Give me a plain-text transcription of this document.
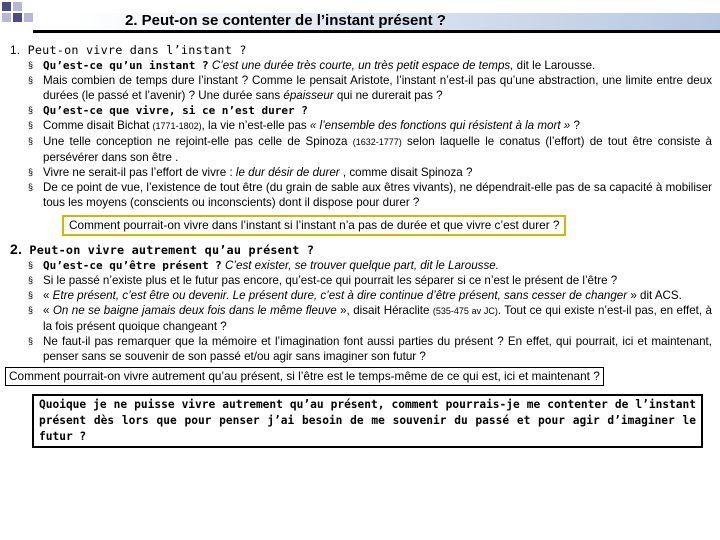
2. Peut-on se contenter de l’instant présent ?
1. Peut-on vivre dans l’instant ?
§ Qu’est-ce qu’un instant ? C’est une durée très courte, un très petit espace de temps, dit le Larousse.
§ Mais combien de temps dure l’instant ? Comme le pensait Aristote, l’instant n’est-il pas qu’une abstraction, une limite entre deux durées (le passé et l’avenir) ? Une durée sans épaisseur qui ne durerait pas ?
§ Qu’est-ce que vivre, si ce n’est durer ?
§ Comme disait Bichat (1771-1802), la vie n’est-elle pas « l’ensemble des fonctions qui résistent à la mort » ?
§ Une telle conception ne rejoint-elle pas celle de Spinoza (1632-1777) selon laquelle le conatus (l’effort) de tout être consiste à persévérer dans son être .
§ Vivre ne serait-il pas l’effort de vivre : le dur désir de durer , comme disait Spinoza ?
§ De ce point de vue, l’existence de tout être (du grain de sable aux êtres vivants), ne dépendrait-elle pas de sa capacité à mobiliser tous les moyens (conscients ou inconscients) dont il dispose pour durer ?
Comment pourrait-on vivre dans l’instant si l’instant n’a pas de durée et que vivre c’est durer ?
2. Peut-on vivre autrement qu’au présent ?
§ Qu’est-ce qu’être présent ? C’est exister, se trouver quelque part, dit le Larousse.
§ Si le passé n’existe plus et le futur pas encore, qu’est-ce qui pourrait les séparer si ce n’est le présent de l’être ?
§ « Etre présent, c’est être ou devenir. Le présent dure, c’est à dire continue d’être présent, sans cesser de changer » dit ACS.
§ « On ne se baigne jamais deux fois dans le même fleuve », disait Héraclite (535-475 av JC). Tout ce qui existe n’est-il pas, en effet, à la fois présent quoique changeant ?
§ Ne faut-il pas remarquer que la mémoire et l’imagination font aussi parties du présent ? En effet, qui pourrait, ici et maintenant, penser sans se souvenir de son passé et/ou agir sans imaginer son futur ?
Comment pourrait-on vivre autrement qu’au présent, si l’être est le temps-même de ce qui est, ici et maintenant ?
Quoique je ne puisse vivre autrement qu’au présent, comment pourrais-je me contenter de l’instant présent dès lors que pour penser j’ai besoin de me souvenir du passé et pour agir d’imaginer le futur ?
